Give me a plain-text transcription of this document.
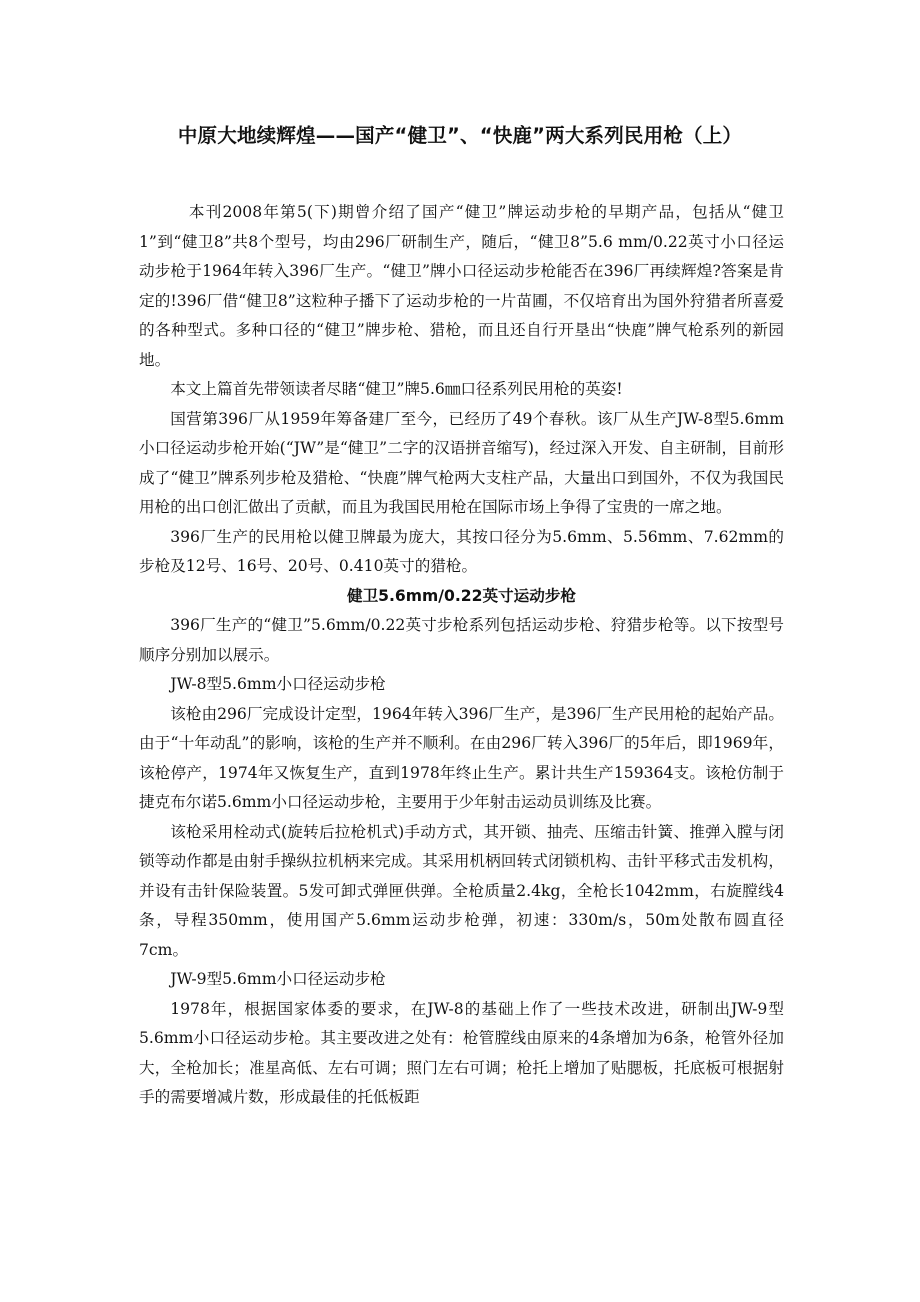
中原大地续辉煌——国产“健卫”、“快鹿”两大系列民用枪（上）

本刊2008年第5(下)期曾介绍了国产“健卫”牌运动步枪的早期产品，包括从“健卫1”到“健卫8”共8个型号，均由296厂研制生产，随后，“健卫8”5.6 mm/0.22英寸小口径运动步枪于1964年转入396厂生产。“健卫”牌小口径运动步枪能否在396厂再续辉煌?答案是肯定的!396厂借“健卫8”这粒种子播下了运动步枪的一片苗圃，不仅培育出为国外狩猎者所喜爱的各种型式。多种口径的“健卫”牌步枪、猎枪，而且还自行开垦出“快鹿”牌气枪系列的新园地。

本文上篇首先带领读者尽睹“健卫”牌5.6㎜口径系列民用枪的英姿!

国营第396厂从1959年筹备建厂至今，已经历了49个春秋。该厂从生产JW-8型5.6mm小口径运动步枪开始(“JW”是“健卫”二字的汉语拼音缩写)，经过深入开发、自主研制，目前形成了“健卫”牌系列步枪及猎枪、“快鹿”牌气枪两大支柱产品，大量出口到国外，不仅为我国民用枪的出口创汇做出了贡献，而且为我国民用枪在国际市场上争得了宝贵的一席之地。

396厂生产的民用枪以健卫牌最为庞大，其按口径分为5.6mm、5.56mm、7.62mm的步枪及12号、16号、20号、0.410英寸的猎枪。

健卫5.6mm/0.22英寸运动步枪

396厂生产的“健卫”5.6mm/0.22英寸步枪系列包括运动步枪、狩猎步枪等。以下按型号顺序分别加以展示。

JW-8型5.6mm小口径运动步枪

该枪由296厂完成设计定型，1964年转入396厂生产，是396厂生产民用枪的起始产品。由于“十年动乱”的影响，该枪的生产并不顺利。在由296厂转入396厂的5年后，即1969年，该枪停产，1974年又恢复生产，直到1978年终止生产。累计共生产159364支。该枪仿制于捷克布尔诺5.6mm小口径运动步枪，主要用于少年射击运动员训练及比赛。

该枪采用栓动式(旋转后拉枪机式)手动方式，其开锁、抽壳、压缩击针簧、推弹入膛与闭锁等动作都是由射手操纵拉机柄来完成。其采用机柄回转式闭锁机构、击针平移式击发机构，并设有击针保险装置。5发可卸式弹匣供弹。全枪质量2.4kg，全枪长1042mm，右旋膛线4条，导程350mm，使用国产5.6mm运动步枪弹，初速：330m/s，50m处散布圆直径7cm。

JW-9型5.6mm小口径运动步枪

1978年，根据国家体委的要求，在JW-8的基础上作了一些技术改进，研制出JW-9型5.6mm小口径运动步枪。其主要改进之处有：枪管膛线由原来的4条增加为6条，枪管外径加大，全枪加长；准星高低、左右可调；照门左右可调；枪托上增加了贴腮板，托底板可根据射手的需要增减片数，形成最佳的托低板距
